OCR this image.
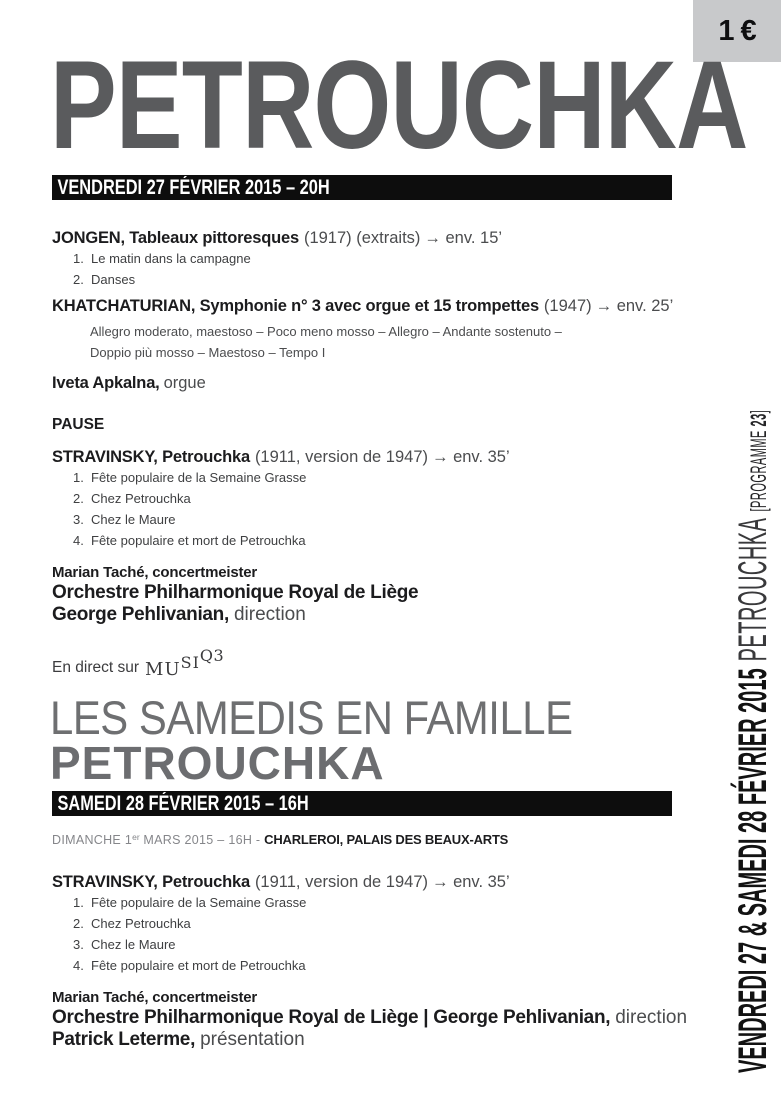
1 €
PETROUCHKA
VENDREDI 27 FÉVRIER 2015 – 20H

JONGEN, Tableaux pittoresques (1917) (extraits) → env. 15’

1. Le matin dans la campagne
2. Danses

KHATCHATURIAN, Symphonie n° 3 avec orgue et 15 trompettes (1947) → env. 25’

Allegro moderato, maestoso – Poco meno mosso – Allegro – Andante sostenuto –

Doppio più mosso – Maestoso – Tempo I

Iveta Apkalna, orgue

PAUSE

STRAVINSKY, Petrouchka (1911, version de 1947) → env. 35’

1. Fête populaire de la Semaine Grasse
2. Chez Petrouchka
3. Chez le Maure
4. Fête populaire et mort de Petrouchka

Marian Taché, concertmeister

Orchestre Philharmonique Royal de Liège

George Pehlivanian, direction

En direct sur MUSIQ3

LES SAMEDIS EN FAMILLE
PETROUCHKA
SAMEDI 28 FÉVRIER 2015 – 16H

DIMANCHE 1er MARS 2015 – 16H - CHARLEROI, PALAIS DES BEAUX-ARTS

STRAVINSKY, Petrouchka (1911, version de 1947) → env. 35’

1. Fête populaire de la Semaine Grasse
2. Chez Petrouchka
3. Chez le Maure
4. Fête populaire et mort de Petrouchka

Marian Taché, concertmeister

Orchestre Philharmonique Royal de Liège | George Pehlivanian, direction

Patrick Leterme, présentation	VENDREDI 27 & SAMEDI 28 FÉVRIER 2015PETROUCHKA[PROGRAMME 23]
